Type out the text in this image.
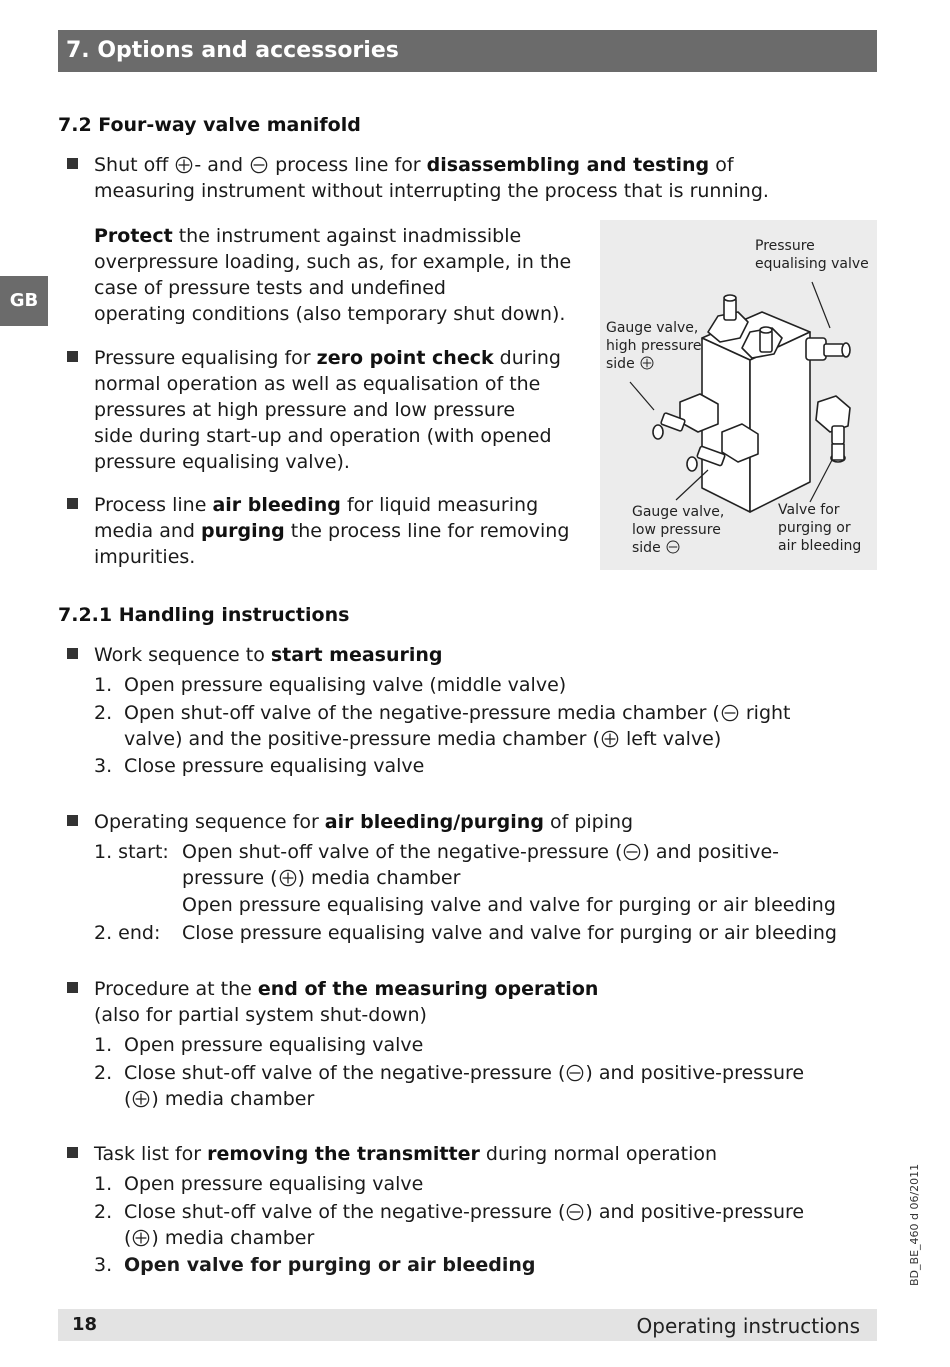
7. Options and accessories
GB
7.2 Four-way valve manifold
Shut off - and  process line for disassembling and testing of
measuring instrument without interrupting the process that is running.
Protect the instrument against inadmissible
overpressure loading, such as, for example, in the
case of pressure tests and undefined
operating conditions (also temporary shut down).
Pressure equalising for zero point check during
normal operation as well as equalisation of the
pressures at high pressure and low pressure
side during start-up and operation (with opened
pressure equalising valve).
Process line air bleeding for liquid measuring
media and purging the process line for removing
impurities.
Pressure
equalising valve
Gauge valve,
high pressure
side
Gauge valve,
low pressure
side
Valve for
purging or
air bleeding
7.2.1 Handling instructions
Work sequence to start measuring
1. Open pressure equalising valve (middle valve)
2. Open shut-off valve of the negative-pressure media chamber ( right
valve) and the positive-pressure media chamber ( left valve)
3. Close pressure equalising valve
Operating sequence for air bleeding/purging of piping
1. start: Open shut-off valve of the negative-pressure ( ) and positive-
pressure ( ) media chamber
Open pressure equalising valve and valve for purging or air bleeding
2. end: Close pressure equalising valve and valve for purging or air bleeding
Procedure at the end of the measuring operation
(also for partial system shut-down)
1. Open pressure equalising valve
2. Close shut-off valve of the negative-pressure ( ) and positive-pressure
( ) media chamber
Task list for removing the transmitter during normal operation
1. Open pressure equalising valve
2. Close shut-off valve of the negative-pressure ( ) and positive-pressure
( ) media chamber
3. Open valve for purging or air bleeding	BD_BE_460 d 06/2011
18	Operating instructions
